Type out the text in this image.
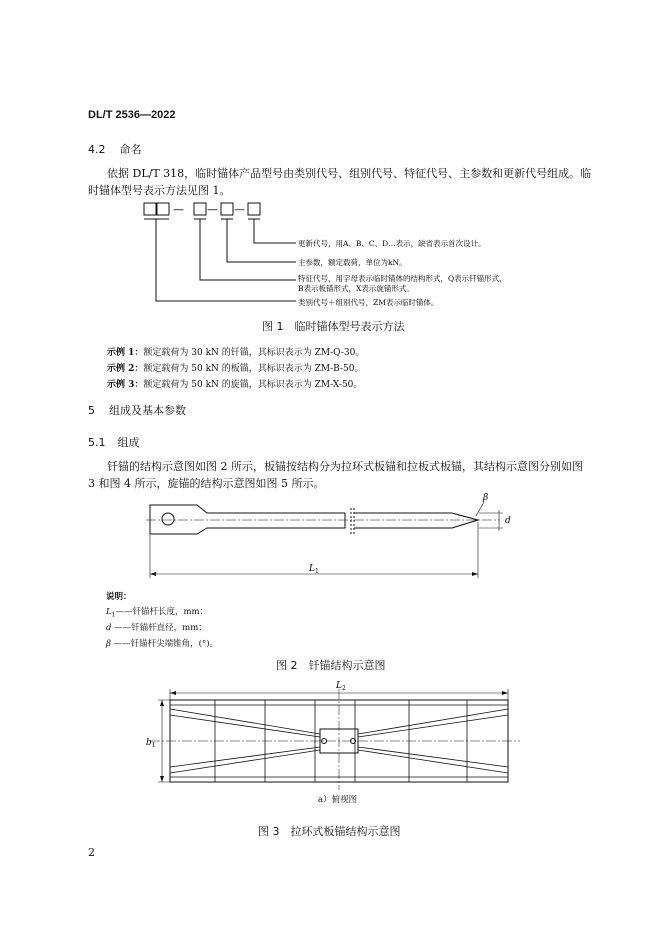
DL/T 2536—2022
4.2 命名
依据 DL/T 318，临时锚体产品型号由类别代号、组别代号、特征代号、主参数和更新代号组成。临
时锚体型号表示方法见图 1。
— — —
更新代号，用A、B、C、D…表示，缺省表示首次设计。
主参数，额定载荷，单位为kN。
特征代号，用字母表示临时锚体的结构形式，Q表示钎锚形式，
B表示板锚形式，X表示旋锚形式。
类别代号＋组别代号，ZM表示临时锚体。
图 1　临时锚体型号表示方法
示例 1：额定载荷为 30 kN 的钎锚，其标识表示为 ZM-Q-30。
示例 2：额定载荷为 50 kN 的板锚，其标识表示为 ZM-B-50。
示例 3：额定载荷为 50 kN 的旋锚，其标识表示为 ZM-X-50。
5 组成及基本参数
5.1 组成
钎锚的结构示意图如图 2 所示，板锚按结构分为拉环式板锚和拉板式板锚，其结构示意图分别如图
3 和图 4 所示，旋锚的结构示意图如图 5 所示。
β
d
$L_1$
说明：
$L_1——$钎锚杆长度，mm；
d ——钎锚杆直径，mm；
β ——钎锚杆尖端锥角，(°)。
图 2　钎锚结构示意图
$L_2$
$b_1$
a）俯视图
图 3　拉环式板锚结构示意图
2
